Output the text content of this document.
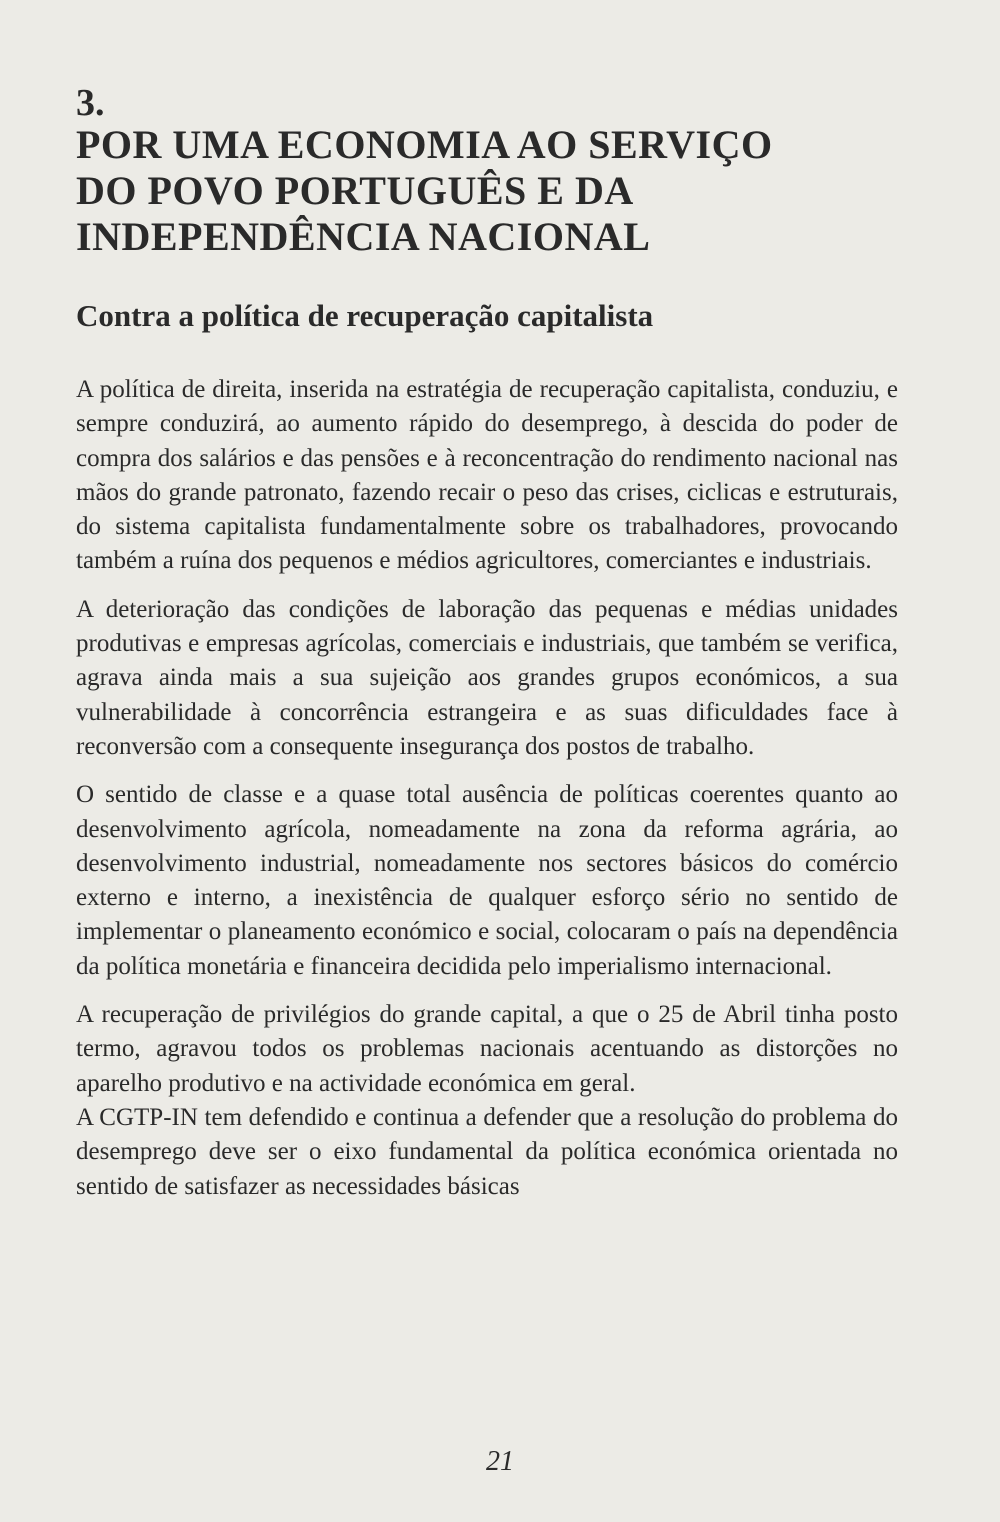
3.
POR UMA ECONOMIA AO SERVIÇO
DO POVO PORTUGUÊS E DA
INDEPENDÊNCIA NACIONAL
Contra a política de recuperação capitalista

A política de direita, inserida na estratégia de recuperação capitalista, conduziu, e sempre conduzirá, ao aumento rápido do desemprego, à descida do poder de compra dos salários e das pensões e à reconcentração do rendimento nacional nas mãos do grande patronato, fazendo recair o peso das crises, ciclicas e estruturais, do sistema capitalista fundamentalmente sobre os trabalhadores, provocando também a ruína dos pequenos e médios agricultores, comerciantes e industriais.

A deterioração das condições de laboração das pequenas e médias unidades produtivas e empresas agrícolas, comerciais e industriais, que também se verifica, agrava ainda mais a sua sujeição aos grandes grupos económicos, a sua vulnerabilidade à concorrência estrangeira e as suas dificuldades face à reconversão com a consequente insegurança dos postos de trabalho.

O sentido de classe e a quase total ausência de políticas coerentes quanto ao desenvolvimento agrícola, nomeadamente na zona da reforma agrária, ao desenvolvimento industrial, nomeadamente nos sectores básicos do comércio externo e interno, a inexistência de qualquer esforço sério no sentido de implementar o planeamento económico e social, colocaram o país na dependência da política monetária e financeira decidida pelo imperialismo internacional.

A recuperação de privilégios do grande capital, a que o 25 de Abril tinha posto termo, agravou todos os problemas nacionais acentuando as distorções no aparelho produtivo e na actividade económica em geral.

A CGTP-IN tem defendido e continua a defender que a resolução do problema do desemprego deve ser o eixo fundamental da política económica orientada no sentido de satisfazer as necessidades básicas

21
